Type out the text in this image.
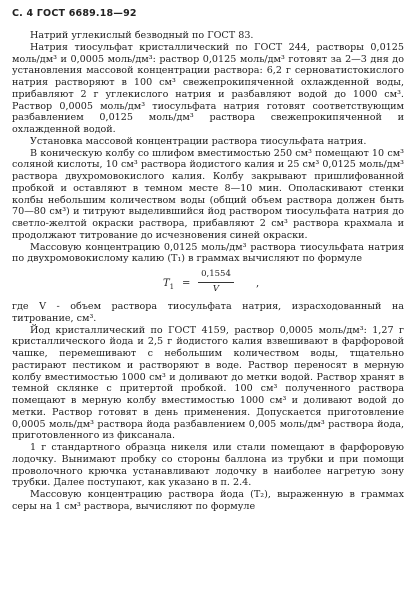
С. 4 ГОСТ 6689.18—92

Натрий углекислый безводный по ГОСТ 83.

Натрия тиосульфат кристаллический по ГОСТ 244, растворы 0,0125 моль/дм³ и 0,0005 моль/дм³: раствор 0,0125 моль/дм³ готовят за 2—3 дня до установления массовой концентрации раствора: 6,2 г серноватистокислого натрия растворяют в 100 см³ свежепрокипяченной охлажденной воды, прибавляют 2 г углекислого натрия и разбавляют водой до 1000 см³. Раствор 0,0005 моль/дм³ тиосульфата натрия готовят соответствующим разбавлением 0,0125 моль/дм³ раствора свежепрокипяченной и охлажденной водой.

Установка массовой концентрации раствора тиосульфата натрия.

В коническую колбу со шлифом вместимостью 250 см³ помещают 10 см³ соляной кислоты, 10 см³ раствора йодистого калия и 25 см³ 0,0125 моль/дм³ раствора двухромовокислого калия. Колбу закрывают пришлифованной пробкой и оставляют в темном месте 8—10 мин. Ополаскивают стенки колбы небольшим количеством воды (общий объем раствора должен быть 70—80 см³) и титруют выделившийся йод раствором тиосульфата натрия до светло-желтой окраски раствора, прибавляют 2 см³ раствора крахмала и продолжают титрование до исчезновения синей окраски.

Массовую концентрацию 0,0125 моль/дм³ раствора тиосульфата натрия по двухромовокислому калию (T₁) в граммах вычисляют по формуле

$T_1 = \frac{0,1554}{V}$ ,

где V - объем раствора тиосульфата натрия, израсходованный на титрование, см³.

Йод кристаллический по ГОСТ 4159, раствор 0,0005 моль/дм³: 1,27 г кристаллического йода и 2,5 г йодистого калия взвешивают в фарфоровой чашке, перемешивают с небольшим количеством воды, тщательно растирают пестиком и растворяют в воде. Раствор переносят в мерную колбу вместимостью 1000 см³ и доливают до метки водой. Раствор хранят в темной склянке с притертой пробкой. 100 см³ полученного раствора помещают в мерную колбу вместимостью 1000 см³ и доливают водой до метки. Раствор готовят в день применения. Допускается приготовление 0,0005 моль/дм³ раствора йода разбавлением 0,005 моль/дм³ раствора йода, приготовленного из фиксанала.

1 г стандартного образца никеля или стали помещают в фарфоровую лодочку. Вынимают пробку со стороны баллона из трубки и при помощи проволочного крючка устанавливают лодочку в наиболее нагретую зону трубки. Далее поступают, как указано в п. 2.4.

Массовую концентрацию раствора йода (T₂), выраженную в граммах серы на 1 см³ раствора, вычисляют по формуле
